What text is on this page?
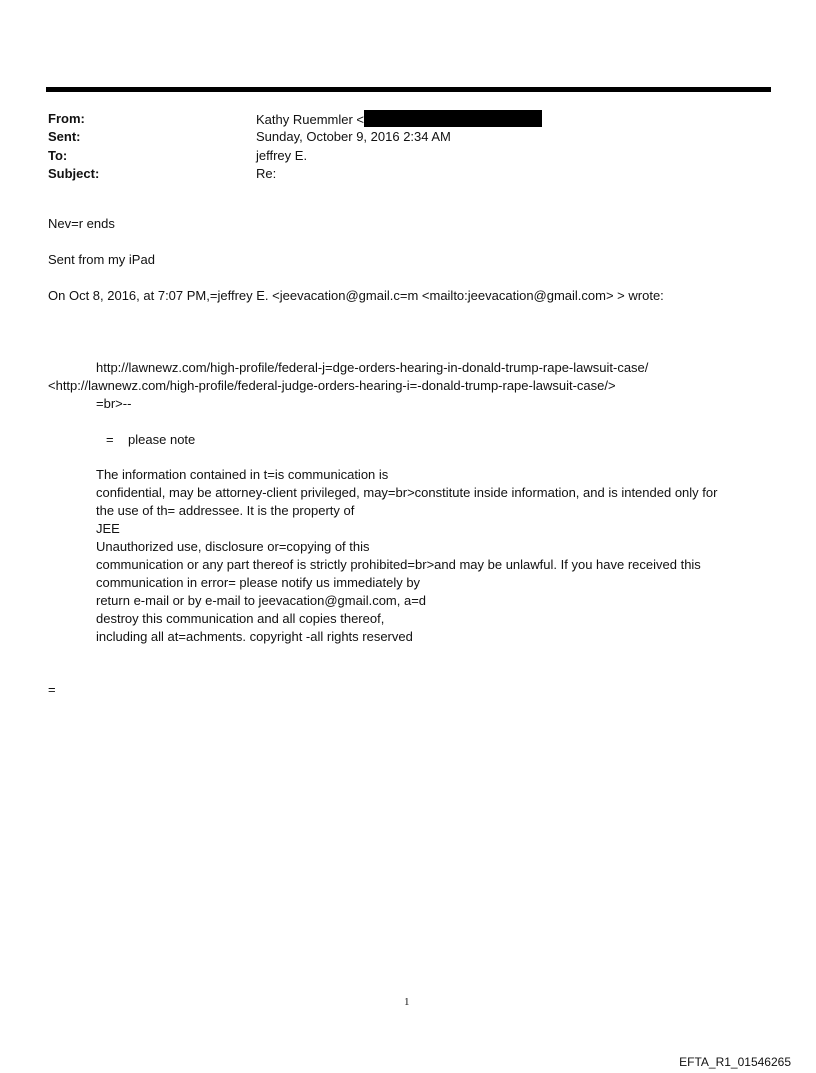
From:	Kathy Ruemmler <
Sent:	Sunday, October 9, 2016 2:34 AM
To:	jeffrey E.
Subject:	Re:
Nev=r ends
Sent from my iPad
On Oct 8, 2016, at 7:07 PM,=jeffrey E. <jeevacation@gmail.c=m <mailto:jeevacation@gmail.com> > wrote:
http://lawnewz.com/high-profile/federal-j=dge-orders-hearing-in-donald-trump-rape-lawsuit-case/
<http://lawnewz.com/high-profile/federal-judge-orders-hearing-i=-donald-trump-rape-lawsuit-case/>
=br>--
=    please note
The information contained in t=is communication is
confidential, may be attorney-client privileged, may=br>constitute inside information, and is intended only for
the use of th= addressee. It is the property of
JEE
Unauthorized use, disclosure or=copying of this
communication or any part thereof is strictly prohibited=br>and may be unlawful. If you have received this
communication in error= please notify us immediately by
return e-mail or by e-mail to jeevacation@gmail.com, a=d
destroy this communication and all copies thereof,
including all at=achments. copyright -all rights reserved
=
1
EFTA_R1_01546265
